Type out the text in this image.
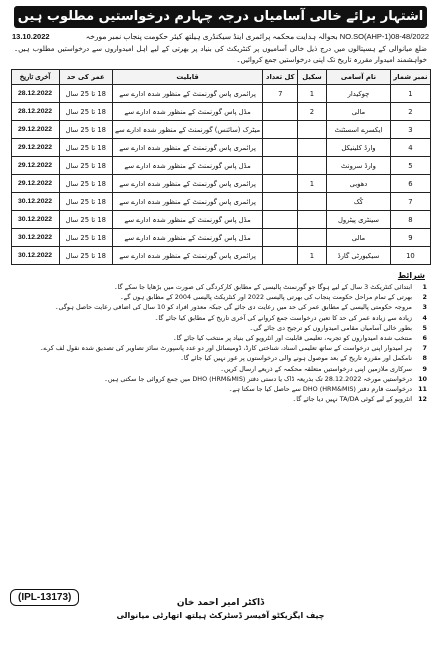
اشتہار برائے خالی آسامیاں درجہ چہارم درخواستیں مطلوب ہیں
13.10.2022	NO.SO(AHP-1)08-48/2022 بحوالہ ہدایت محکمہ پرائمری اینڈ سیکنڈری ہیلتھ کیئر حکومت پنجاب نمبر مورخہ
ضلع میانوالی کے ہسپتالوں میں درج ذیل خالی آسامیوں پر کنٹریکٹ کی بنیاد پر بھرتی کے لیے اہل امیدواروں سے درخواستیں مطلوب ہیں۔ خواہشمند امیدوار مقررہ تاریخ تک اپنی درخواستیں جمع کروائیں۔
نمبر شمار	نام آسامی	سکیل	کل تعداد	قابلیت	عمر کی حد	آخری تاریخ
1	چوکیدار	1	7	پرائمری پاس گورنمنٹ کے منظور شدہ ادارے سے	18 تا 25 سال	28.12.2022
2	مالی	2		مڈل پاس گورنمنٹ کے منظور شدہ ادارے سے	18 تا 25 سال	28.12.2022
3	ایکسرے اسسٹنٹ			میٹرک (سائنس) گورنمنٹ کے منظور شدہ ادارے سے	18 تا 25 سال	29.12.2022
4	وارڈ کلینیکل			پرائمری پاس گورنمنٹ کے منظور شدہ ادارے سے	18 تا 25 سال	29.12.2022
5	وارڈ سرونٹ			مڈل پاس گورنمنٹ کے منظور شدہ ادارے سے	18 تا 25 سال	29.12.2022
6	دھوبی	1		پرائمری پاس گورنمنٹ کے منظور شدہ ادارے سے	18 تا 25 سال	29.12.2022
7	کُک			پرائمری پاس گورنمنٹ کے منظور شدہ ادارے سے	18 تا 25 سال	30.12.2022
8	سینٹری پیٹرول			مڈل پاس گورنمنٹ کے منظور شدہ ادارے سے	18 تا 25 سال	30.12.2022
9	مالی			مڈل پاس گورنمنٹ کے منظور شدہ ادارے سے	18 تا 25 سال	30.12.2022
10	سیکیورٹی گارڈ	1		پرائمری پاس گورنمنٹ کے منظور شدہ ادارے سے	18 تا 25 سال	30.12.2022
شرائط
1
ابتدائی کنٹریکٹ 3 سال کے لیے ہوگا جو گورنمنٹ پالیسی کے مطابق کارکردگی کی صورت میں بڑھایا جا سکے گا۔
2
بھرتی کے تمام مراحل حکومت پنجاب کی بھرتی پالیسی 2022 اور کنٹریکٹ پالیسی 2004 کے مطابق ہوں گے۔
3
مروجہ حکومتی پالیسی کے مطابق عمر کی حد میں رعایت دی جائے گی جبکہ معذور افراد کو 10 سال کی اضافی رعایت حاصل ہوگی۔
4
زیادہ سے زیادہ عمر کی حد کا تعین درخواست جمع کروانے کی آخری تاریخ کے مطابق کیا جائے گا۔
5
بطور خالی آسامیاں مقامی امیدواروں کو ترجیح دی جائے گی۔
6
منتخب شدہ امیدواروں کو تجربہ، تعلیمی قابلیت اور انٹرویو کی بنیاد پر منتخب کیا جائے گا۔
7
ہر امیدوار اپنی درخواست کے ساتھ تعلیمی اسناد، شناختی کارڈ، ڈومیسائل اور دو عدد پاسپورٹ سائز تصاویر کی تصدیق شدہ نقول لف کرے۔
8
نامکمل اور مقررہ تاریخ کے بعد موصول ہونے والی درخواستوں پر غور نہیں کیا جائے گا۔
9
سرکاری ملازمین اپنی درخواستیں متعلقہ محکمہ کے ذریعے ارسال کریں۔
10
درخواستیں مورخہ 28.12.2022 تک بذریعہ ڈاک یا دستی دفتر DHO (HRM&MIS) میں جمع کروائی جا سکتی ہیں۔
11
درخواست فارم دفتر DHO (HRM&MIS) سے حاصل کیا جا سکتا ہے۔
12
انٹرویو کے لیے کوئی TA/DA نہیں دیا جائے گا۔
(IPL-13173)	ڈاکٹر امیر احمد خان
چیف ایگزیکٹو آفیسر ڈسٹرکٹ ہیلتھ اتھارٹی میانوالی
